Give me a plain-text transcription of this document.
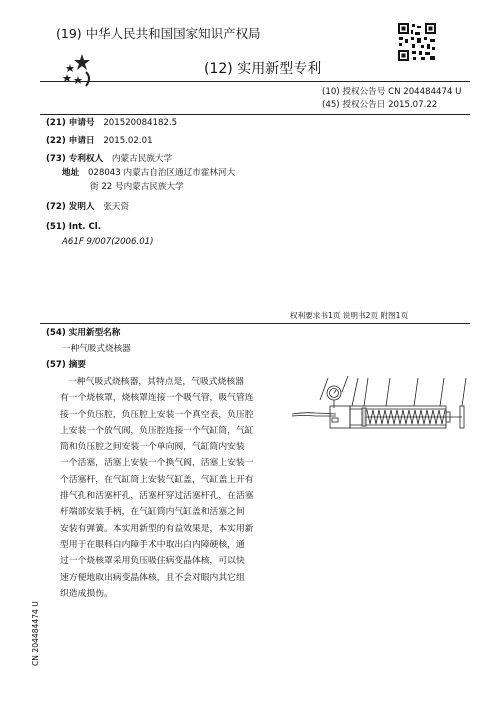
(19) 中华人民共和国国家知识产权局
(12) 实用新型专利
(10) 授权公告号 CN 204484474 U
(45) 授权公告日 2015.07.22
(21) 申请号 201520084182.5
(22) 申请日 2015.02.01
(73) 专利权人 内蒙古民族大学
地址 028043 内蒙古自治区通辽市霍林河大
街 22 号内蒙古民族大学
(72) 发明人 张天资
(51) Int. Cl.
A61F 9/007(2006.01)
权利要求书1页 说明书2页 附图1页
(54) 实用新型名称
一种气吸式烧核器
(57) 摘要
一种气吸式烧核器，其特点是，气吸式烧核器
有一个烧核罩，烧核罩连接一个吸气管，吸气管连
接一个负压腔，负压腔上安装一个真空表，负压腔
上安装一个放气阀，负压腔连接一个气缸筒，气缸
筒和负压腔之间安装一个单向阀，气缸筒内安装
一个活塞，活塞上安装一个换气阀，活塞上安装一
个活塞杆，在气缸筒上安装气缸盖，气缸盖上开有
排气孔和活塞杆孔，活塞杆穿过活塞杆孔，在活塞
杆端部安装手柄，在气缸筒内气缸盖和活塞之间
安装有弹簧。本实用新型的有益效果是，本实用新
型用于在眼科白内障手术中取出白内障硬核，通
过一个烧核罩采用负压吸住病变晶体核，可以快
速方便地取出病变晶体核，且不会对眼内其它组
织造成损伤。
CN 204484474 U
